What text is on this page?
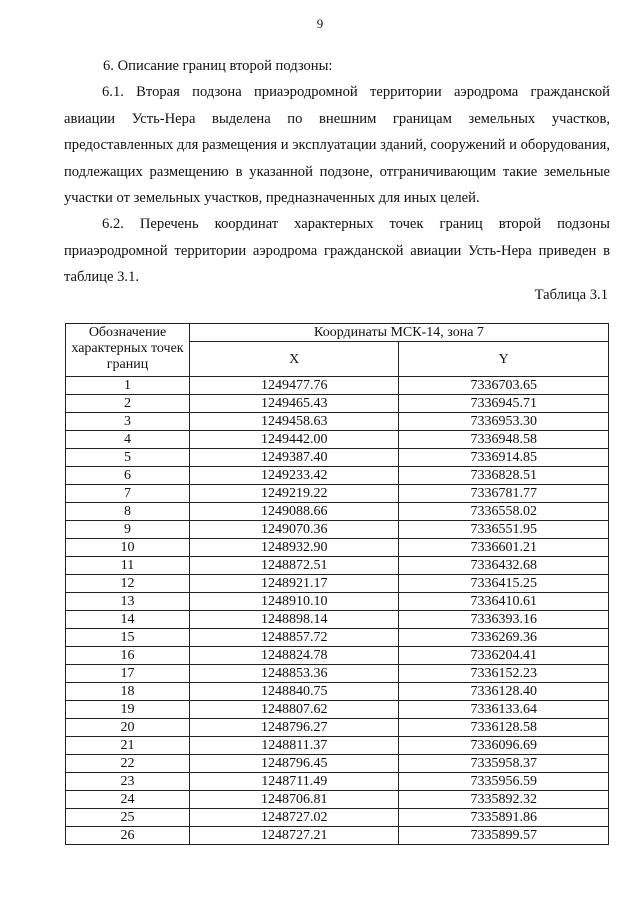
9
6. Описание границ второй подзоны:
6.1. Вторая подзона приаэродромной территории аэродрома гражданской авиации Усть-Нера выделена по внешним границам земельных участков, предоставленных для размещения и эксплуатации зданий, сооружений и оборудования, подлежащих размещению в указанной подзоне, отграничивающим такие земельные участки от земельных участков, предназначенных для иных целей.
6.2. Перечень координат характерных точек границ второй подзоны приаэродромной территории аэродрома гражданской авиации Усть-Нера приведен в таблице 3.1.
Таблица 3.1
Обозначение характерных точек границ	Координаты МСК-14, зона 7	
	X	Y
1	1249477.76	7336703.65
2	1249465.43	7336945.71
3	1249458.63	7336953.30
4	1249442.00	7336948.58
5	1249387.40	7336914.85
6	1249233.42	7336828.51
7	1249219.22	7336781.77
8	1249088.66	7336558.02
9	1249070.36	7336551.95
10	1248932.90	7336601.21
11	1248872.51	7336432.68
12	1248921.17	7336415.25
13	1248910.10	7336410.61
14	1248898.14	7336393.16
15	1248857.72	7336269.36
16	1248824.78	7336204.41
17	1248853.36	7336152.23
18	1248840.75	7336128.40
19	1248807.62	7336133.64
20	1248796.27	7336128.58
21	1248811.37	7336096.69
22	1248796.45	7335958.37
23	1248711.49	7335956.59
24	1248706.81	7335892.32
25	1248727.02	7335891.86
26	1248727.21	7335899.57
